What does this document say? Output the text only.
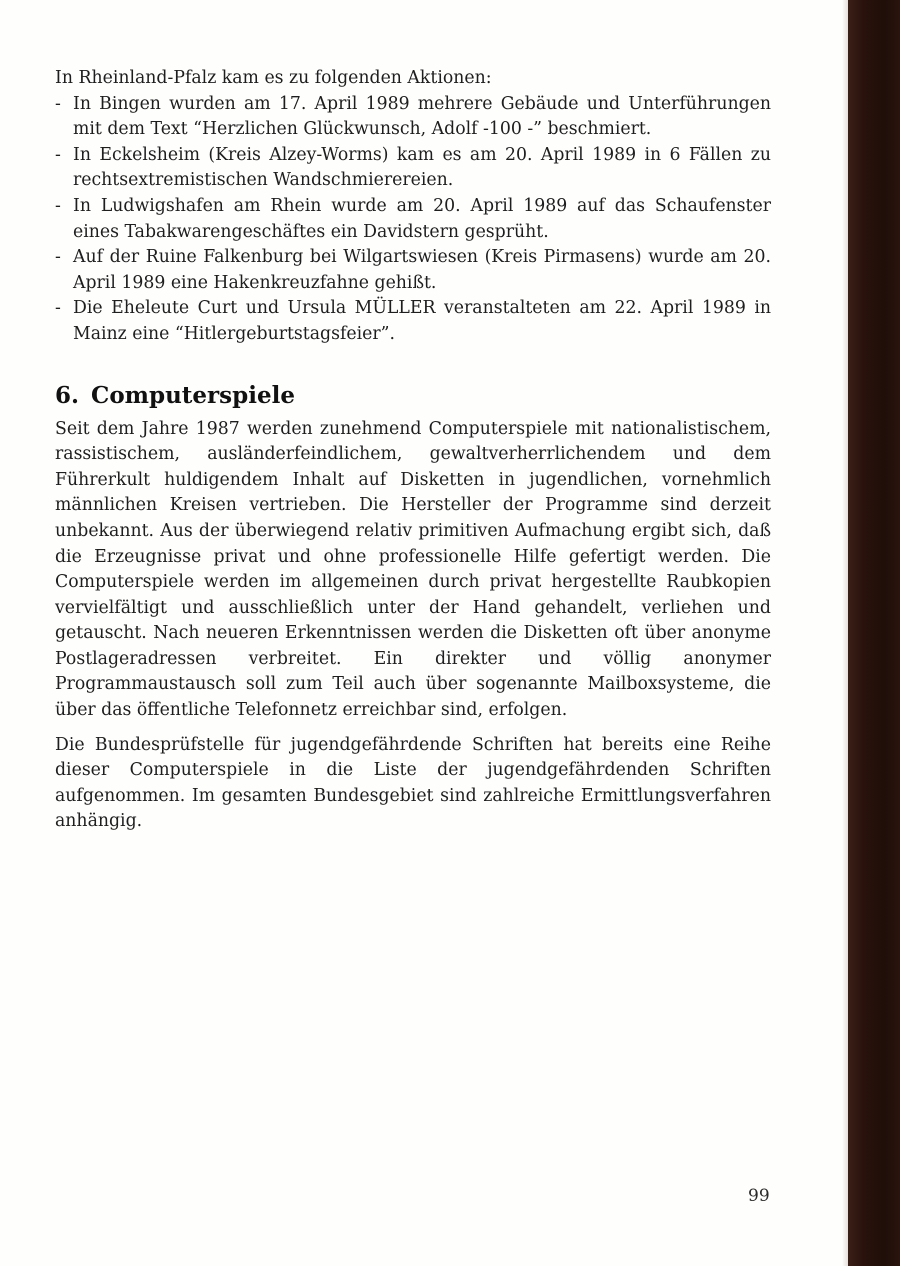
In Rheinland-Pfalz kam es zu folgenden Aktionen:

- In Bingen wurden am 17. April 1989 mehrere Gebäude und Unterführungen mit dem Text “Herzlichen Glückwunsch, Adolf -100 -” beschmiert.
- In Eckelsheim (Kreis Alzey-Worms) kam es am 20. April 1989 in 6 Fällen zu rechtsextremistischen Wandschmierereien.
- In Ludwigshafen am Rhein wurde am 20. April 1989 auf das Schaufenster eines Tabakwarengeschäftes ein Davidstern gesprüht.
- Auf der Ruine Falkenburg bei Wilgartswiesen (Kreis Pirmasens) wurde am 20. April 1989 eine Hakenkreuzfahne gehißt.
- Die Eheleute Curt und Ursula MÜLLER veranstalteten am 22. April 1989 in Mainz eine “Hitlergeburtstagsfeier”.
6. Computerspiele

Seit dem Jahre 1987 werden zunehmend Computerspiele mit nationalistischem, rassistischem, ausländerfeindlichem, gewaltverherrlichendem und dem Führerkult huldigendem Inhalt auf Disketten in jugendlichen, vornehmlich männlichen Kreisen vertrieben. Die Hersteller der Programme sind derzeit unbekannt. Aus der überwiegend relativ primitiven Aufmachung ergibt sich, daß die Erzeugnisse privat und ohne professionelle Hilfe gefertigt werden. Die Computerspiele werden im allgemeinen durch privat hergestellte Raubkopien vervielfältigt und ausschließlich unter der Hand gehandelt, verliehen und getauscht. Nach neueren Erkenntnissen werden die Disketten oft über anonyme Postlageradressen verbreitet. Ein direkter und völlig anonymer Programmaustausch soll zum Teil auch über sogenannte Mailboxsysteme, die über das öffentliche Telefonnetz erreichbar sind, erfolgen.

Die Bundesprüfstelle für jugendgefährdende Schriften hat bereits eine Reihe dieser Computerspiele in die Liste der jugendgefährdenden Schriften aufgenommen. Im gesamten Bundesgebiet sind zahlreiche Ermittlungsverfahren anhängig.

99
